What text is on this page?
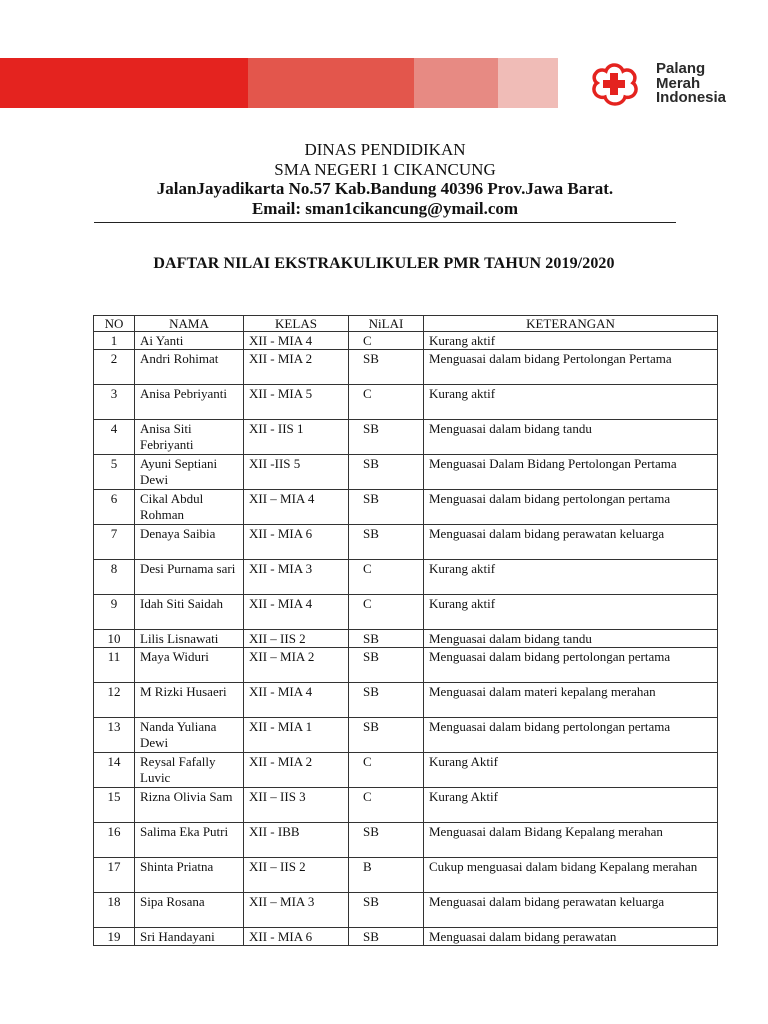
Palang
Merah
Indonesia
DINAS PENDIDIKAN
SMA NEGERI 1 CIKANCUNG
JalanJayadikarta No.57 Kab.Bandung 40396 Prov.Jawa Barat.
Email: sman1cikancung@ymail.com
DAFTAR NILAI EKSTRAKULIKULER PMR TAHUN 2019/2020
NO	NAMA	KELAS	NiLAI	KETERANGAN
1	Ai Yanti	XII - MIA 4	C	Kurang aktif
2	Andri Rohimat	XII - MIA 2	SB	Menguasai dalam bidang Pertolongan Pertama
3	Anisa Pebriyanti	XII - MIA 5	C	Kurang aktif
4	Anisa Siti Febriyanti	XII - IIS 1	SB	Menguasai dalam bidang tandu
5	Ayuni Septiani Dewi	XII -IIS 5	SB	Menguasai Dalam Bidang Pertolongan Pertama
6	Cikal Abdul Rohman	XII – MIA 4	SB	Menguasai dalam bidang pertolongan pertama
7	Denaya Saibia	XII - MIA 6	SB	Menguasai dalam bidang perawatan keluarga
8	Desi Purnama sari	XII - MIA 3	C	Kurang aktif
9	Idah Siti Saidah	XII - MIA 4	C	Kurang aktif
10	Lilis Lisnawati	XII – IIS 2	SB	Menguasai dalam bidang tandu
11	Maya Widuri	XII – MIA 2	SB	Menguasai dalam bidang pertolongan pertama
12	M Rizki Husaeri	XII - MIA 4	SB	Menguasai dalam materi kepalang merahan
13	Nanda Yuliana Dewi	XII - MIA 1	SB	Menguasai dalam bidang pertolongan pertama
14	Reysal Fafally Luvic	XII - MIA 2	C	Kurang Aktif
15	Rizna Olivia Sam	XII – IIS 3	C	Kurang Aktif
16	Salima Eka Putri	XII - IBB	SB	Menguasai dalam Bidang Kepalang merahan
17	Shinta Priatna	XII – IIS 2	B	Cukup menguasai dalam bidang Kepalang merahan
18	Sipa Rosana	XII – MIA 3	SB	Menguasai dalam bidang perawatan keluarga
19	Sri Handayani	XII - MIA 6	SB	Menguasai dalam bidang perawatan
